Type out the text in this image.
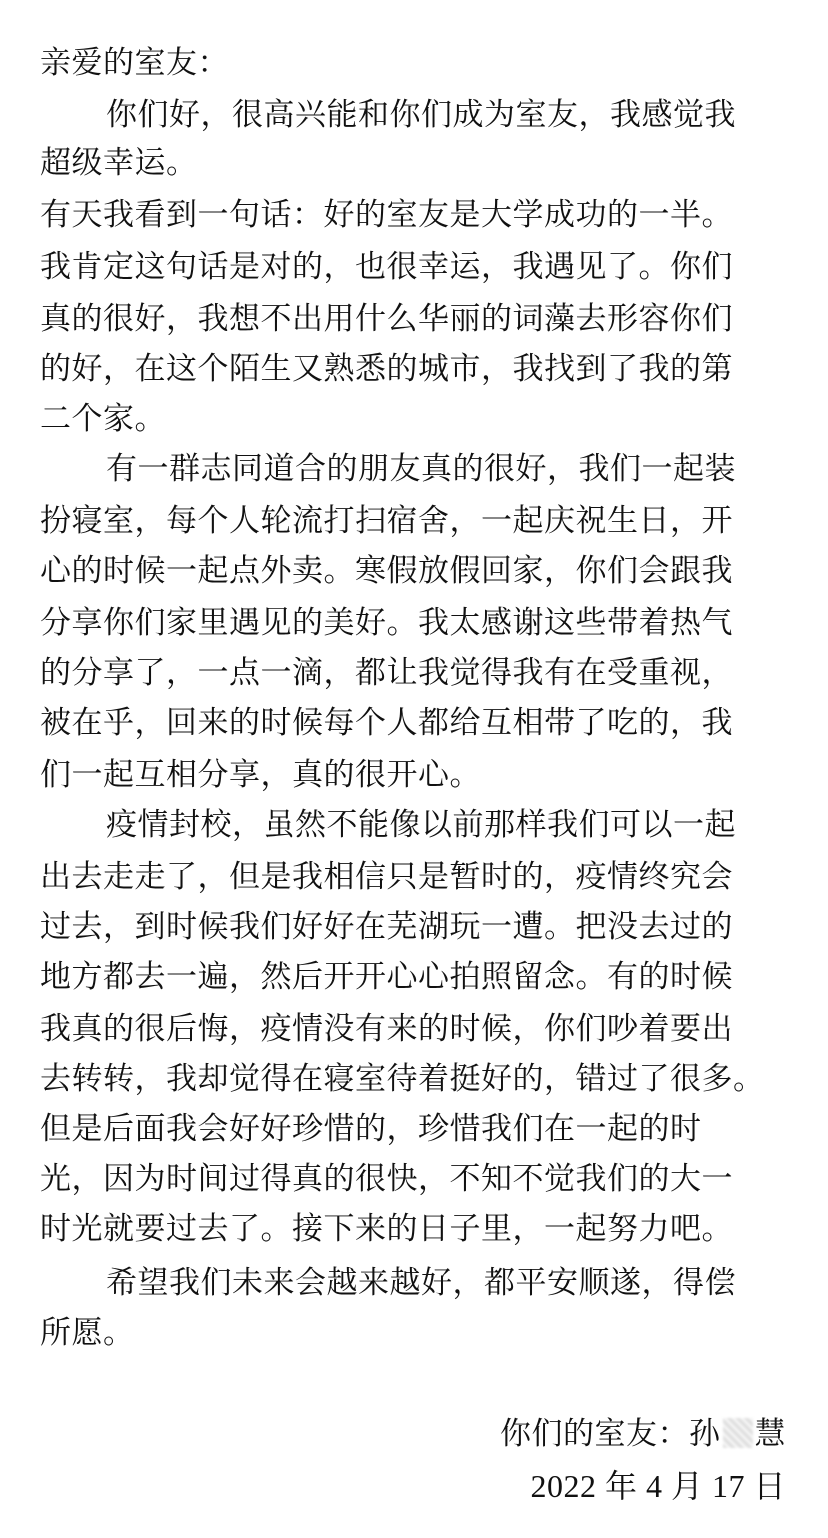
亲爱的室友：
你们好，很高兴能和你们成为室友，我感觉我
超级幸运。
有天我看到一句话：好的室友是大学成功的一半。
我肯定这句话是对的，也很幸运，我遇见了。你们
真的很好，我想不出用什么华丽的词藻去形容你们
的好，在这个陌生又熟悉的城市，我找到了我的第
二个家。
有一群志同道合的朋友真的很好，我们一起装
扮寝室，每个人轮流打扫宿舍，一起庆祝生日，开
心的时候一起点外卖。寒假放假回家，你们会跟我
分享你们家里遇见的美好。我太感谢这些带着热气
的分享了，一点一滴，都让我觉得我有在受重视，
被在乎，回来的时候每个人都给互相带了吃的，我
们一起互相分享，真的很开心。
疫情封校，虽然不能像以前那样我们可以一起
出去走走了，但是我相信只是暂时的，疫情终究会
过去，到时候我们好好在芜湖玩一遭。把没去过的
地方都去一遍，然后开开心心拍照留念。有的时候
我真的很后悔，疫情没有来的时候，你们吵着要出
去转转，我却觉得在寝室待着挺好的，错过了很多。
但是后面我会好好珍惜的，珍惜我们在一起的时
光，因为时间过得真的很快，不知不觉我们的大一
时光就要过去了。接下来的日子里，一起努力吧。
希望我们未来会越来越好，都平安顺遂，得偿
所愿。
你们的室友：孙 慧
2022 年 4 月 17 日
